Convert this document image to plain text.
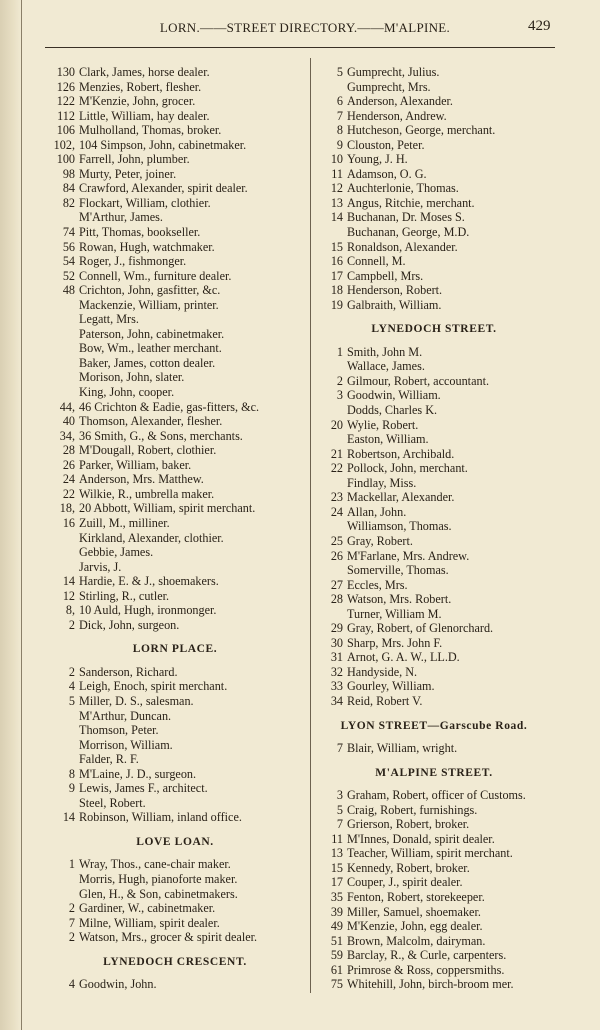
LORN.——STREET DIRECTORY.——M'ALPINE.	429
130 Clark, James, horse dealer.
126 Menzies, Robert, flesher.
122 M'Kenzie, John, grocer.
112 Little, William, hay dealer.
106 Mulholland, Thomas, broker.
102, 104 Simpson, John, cabinetmaker.
100 Farrell, John, plumber.
98 Murty, Peter, joiner.
84 Crawford, Alexander, spirit dealer.
82 Flockart, William, clothier.
M'Arthur, James.
74 Pitt, Thomas, bookseller.
56 Rowan, Hugh, watchmaker.
54 Roger, J., fishmonger.
52 Connell, Wm., furniture dealer.
48 Crichton, John, gasfitter, &c.
Mackenzie, William, printer.
Legatt, Mrs.
Paterson, John, cabinetmaker.
Bow, Wm., leather merchant.
Baker, James, cotton dealer.
Morison, John, slater.
King, John, cooper.
44, 46 Crichton & Eadie, gas-fitters, &c.
40 Thomson, Alexander, flesher.
34, 36 Smith, G., & Sons, merchants.
28 M'Dougall, Robert, clothier.
26 Parker, William, baker.
24 Anderson, Mrs. Matthew.
22 Wilkie, R., umbrella maker.
18, 20 Abbott, William, spirit merchant.
16 Zuill, M., milliner.
Kirkland, Alexander, clothier.
Gebbie, James.
Jarvis, J.
14 Hardie, E. & J., shoemakers.
12 Stirling, R., cutler.
8, 10 Auld, Hugh, ironmonger.
2 Dick, John, surgeon.
LORN PLACE.
2 Sanderson, Richard.
4 Leigh, Enoch, spirit merchant.
5 Miller, D. S., salesman.
M'Arthur, Duncan.
Thomson, Peter.
Morrison, William.
Falder, R. F.
8 M'Laine, J. D., surgeon.
9 Lewis, James F., architect.
Steel, Robert.
14 Robinson, William, inland office.
LOVE LOAN.
1 Wray, Thos., cane-chair maker.
Morris, Hugh, pianoforte maker.
Glen, H., & Son, cabinetmakers.
2 Gardiner, W., cabinetmaker.
7 Milne, William, spirit dealer.
2 Watson, Mrs., grocer & spirit dealer.
LYNEDOCH CRESCENT.
4 Goodwin, John.
5 Gumprecht, Julius.
Gumprecht, Mrs.
6 Anderson, Alexander.
7 Henderson, Andrew.
8 Hutcheson, George, merchant.
9 Clouston, Peter.
10 Young, J. H.
11 Adamson, O. G.
12 Auchterlonie, Thomas.
13 Angus, Ritchie, merchant.
14 Buchanan, Dr. Moses S.
Buchanan, George, M.D.
15 Ronaldson, Alexander.
16 Connell, M.
17 Campbell, Mrs.
18 Henderson, Robert.
19 Galbraith, William.
LYNEDOCH STREET.
1 Smith, John M.
Wallace, James.
2 Gilmour, Robert, accountant.
3 Goodwin, William.
Dodds, Charles K.
20 Wylie, Robert.
Easton, William.
21 Robertson, Archibald.
22 Pollock, John, merchant.
Findlay, Miss.
23 Mackellar, Alexander.
24 Allan, John.
Williamson, Thomas.
25 Gray, Robert.
26 M'Farlane, Mrs. Andrew.
Somerville, Thomas.
27 Eccles, Mrs.
28 Watson, Mrs. Robert.
Turner, William M.
29 Gray, Robert, of Glenorchard.
30 Sharp, Mrs. John F.
31 Arnot, G. A. W., LL.D.
32 Handyside, N.
33 Gourley, William.
34 Reid, Robert V.
LYON STREET—Garscube Road.
7 Blair, William, wright.
M'ALPINE STREET.
3 Graham, Robert, officer of Customs.
5 Craig, Robert, furnishings.
7 Grierson, Robert, broker.
11 M'Innes, Donald, spirit dealer.
13 Teacher, William, spirit merchant.
15 Kennedy, Robert, broker.
17 Couper, J., spirit dealer.
35 Fenton, Robert, storekeeper.
39 Miller, Samuel, shoemaker.
49 M'Kenzie, John, egg dealer.
51 Brown, Malcolm, dairyman.
59 Barclay, R., & Curle, carpenters.
61 Primrose & Ross, coppersmiths.
75 Whitehill, John, birch-broom mer.
